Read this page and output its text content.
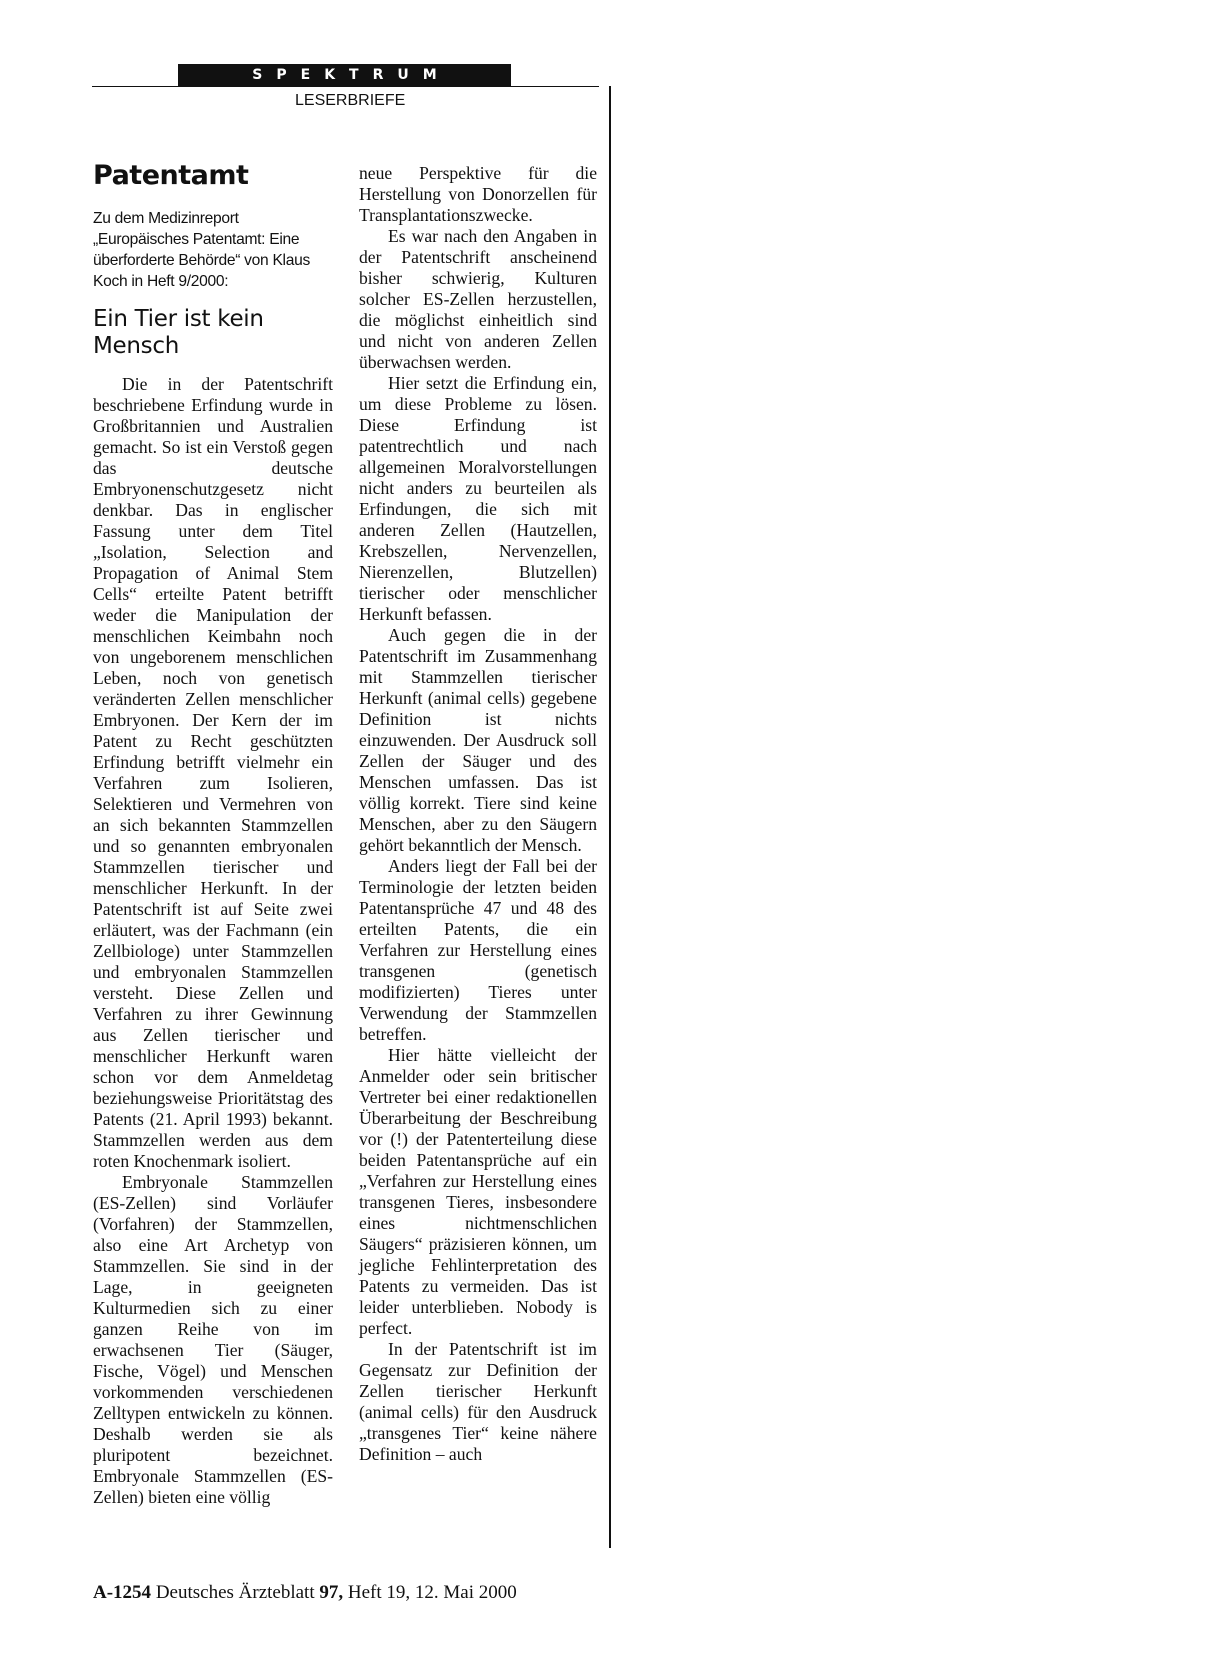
SPEKTRUM
LESERBRIEFE
Patentamt
Zu dem Medizinreport „Europäisches Patentamt: Eine überforderte Behörde“ von Klaus Koch in Heft 9/2000:
Ein Tier ist kein Mensch

Die in der Patentschrift beschriebene Erfindung wurde in Großbritannien und Australien gemacht. So ist ein Verstoß gegen das deutsche Embryonenschutzgesetz nicht denkbar. Das in englischer Fassung unter dem Titel „Isolation, Selection and Propagation of Animal Stem Cells“ erteilte Patent betrifft weder die Manipulation der menschlichen Keimbahn noch von ungeborenem menschlichen Leben, noch von genetisch veränderten Zellen menschlicher Embryonen. Der Kern der im Patent zu Recht geschützten Erfindung betrifft vielmehr ein Verfahren zum Isolieren, Selektieren und Vermehren von an sich bekannten Stammzellen und so genannten embryonalen Stammzellen tierischer und menschlicher Herkunft. In der Patentschrift ist auf Seite zwei erläutert, was der Fachmann (ein Zellbiologe) unter Stammzellen und embryonalen Stammzellen versteht. Diese Zellen und Verfahren zu ihrer Gewinnung aus Zellen tierischer und menschlicher Herkunft waren schon vor dem Anmeldetag beziehungsweise Prioritätstag des Patents (21. April 1993) bekannt. Stammzellen werden aus dem roten Knochenmark isoliert.

Embryonale Stammzellen (ES-Zellen) sind Vorläufer (Vorfahren) der Stammzellen, also eine Art Archetyp von Stammzellen. Sie sind in der Lage, in geeigneten Kulturmedien sich zu einer ganzen Reihe von im erwachsenen Tier (Säuger, Fische, Vögel) und Menschen vorkommenden verschiedenen Zelltypen entwickeln zu können. Deshalb werden sie als pluripotent bezeichnet. Embryonale Stammzellen (ES-Zellen) bieten eine völlig

neue Perspektive für die Herstellung von Donorzellen für Transplantationszwecke.

Es war nach den Angaben in der Patentschrift anscheinend bisher schwierig, Kulturen solcher ES-Zellen herzustellen, die möglichst einheitlich sind und nicht von anderen Zellen überwachsen werden.

Hier setzt die Erfindung ein, um diese Probleme zu lösen. Diese Erfindung ist patentrechtlich und nach allgemeinen Moralvorstellungen nicht anders zu beurteilen als Erfindungen, die sich mit anderen Zellen (Hautzellen, Krebszellen, Nervenzellen, Nierenzellen, Blutzellen) tierischer oder menschlicher Herkunft befassen.

Auch gegen die in der Patentschrift im Zusammenhang mit Stammzellen tierischer Herkunft (animal cells) gegebene Definition ist nichts einzuwenden. Der Ausdruck soll Zellen der Säuger und des Menschen umfassen. Das ist völlig korrekt. Tiere sind keine Menschen, aber zu den Säugern gehört bekanntlich der Mensch.

Anders liegt der Fall bei der Terminologie der letzten beiden Patentansprüche 47 und 48 des erteilten Patents, die ein Verfahren zur Herstellung eines transgenen (genetisch modifizierten) Tieres unter Verwendung der Stammzellen betreffen.

Hier hätte vielleicht der Anmelder oder sein britischer Vertreter bei einer redaktionellen Überarbeitung der Beschreibung vor (!) der Patenterteilung diese beiden Patentansprüche auf ein „Verfahren zur Herstellung eines transgenen Tieres, insbesondere eines nichtmenschlichen Säugers“ präzisieren können, um jegliche Fehlinterpretation des Patents zu vermeiden. Das ist leider unterblieben. Nobody is perfect.

In der Patentschrift ist im Gegensatz zur Definition der Zellen tierischer Herkunft (animal cells) für den Ausdruck „transgenes Tier“ keine nähere Definition – auch

A-1254 Deutsches Ärzteblatt 97, Heft 19, 12. Mai 2000
